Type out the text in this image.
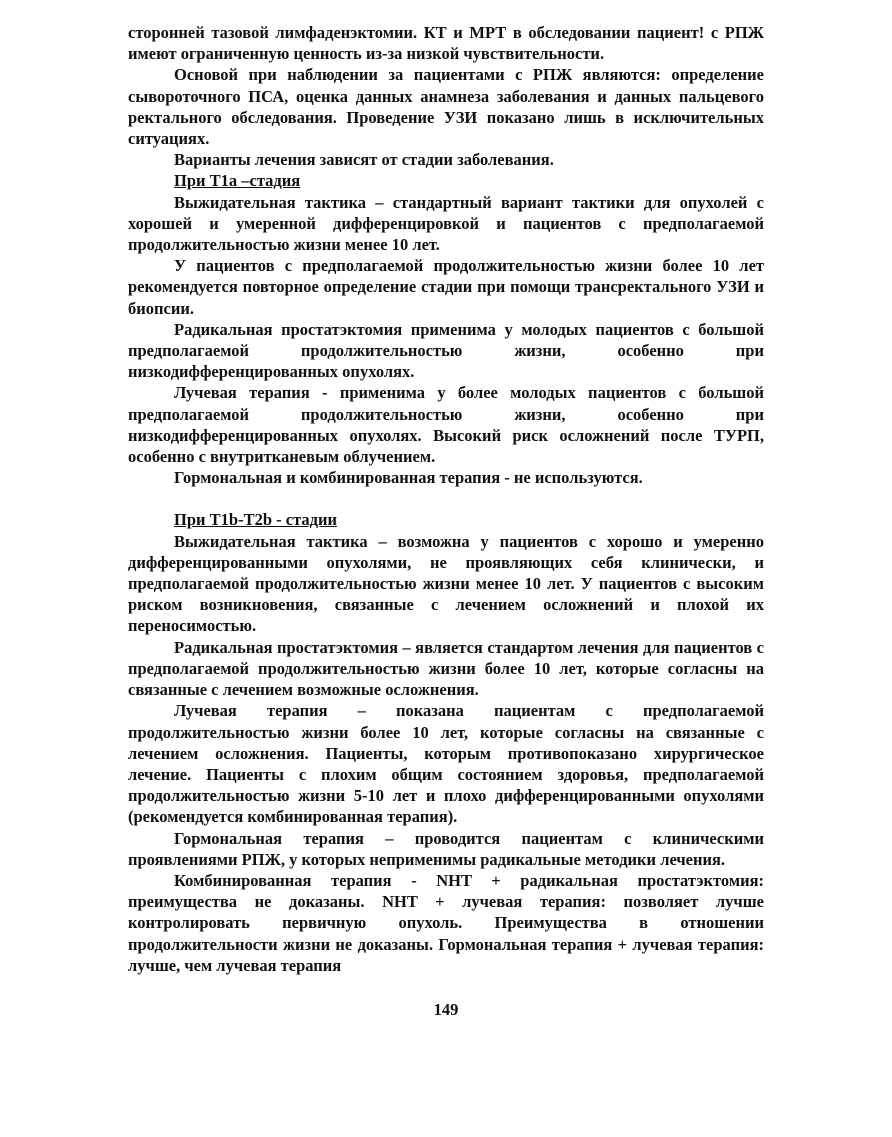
сторонней тазовой лимфаденэктомии. КТ и МРТ в обследовании пациент! с РПЖ имеют ограниченную ценность из-за низкой чувствительности.

Основой при наблюдении за пациентами с РПЖ являются: определение сывороточного ПСА, оценка данных анамнеза заболевания и данных пальцевого ректального обследования. Проведение УЗИ показано лишь в исключительных ситуациях.

Варианты лечения зависят от стадии заболевания.

При T1a –стадия

Выжидательная тактика – стандартный вариант тактики для опухолей с хорошей и умеренной дифференцировкой и пациентов с предполагаемой продолжительностью жизни менее 10 лет.

У пациентов с предполагаемой продолжительностью жизни более 10 лет рекомендуется повторное определение стадии при помощи трансректального УЗИ и биопсии.

Радикальная простатэктомия применима у молодых пациентов с большой предполагаемой продолжительностью жизни, особенно при низкодифференцированных опухолях.

Лучевая терапия - применима у более молодых пациентов с большой предполагаемой продолжительностью жизни, особенно при низкодифференцированных опухолях. Высокий риск осложнений после ТУРП, особенно с внутритканевым облучением.

Гормональная и комбинированная терапия - не используются.

При T1b-T2b - стадии

Выжидательная тактика – возможна у пациентов с хорошо и умеренно дифференцированными опухолями, не проявляющих себя клинически, и предполагаемой продолжительностью жизни менее 10 лет. У пациентов с высоким риском возникновения, связанные с лечением осложнений и плохой их переносимостью.

Радикальная простатэктомия – является стандартом лечения для пациентов с предполагаемой продолжительностью жизни более 10 лет, которые согласны на связанные с лечением возможные осложнения.

Лучевая терапия – показана пациентам с предполагаемой продолжительностью жизни более 10 лет, которые согласны на связанные с лечением осложнения. Пациенты, которым противопоказано хирургическое лечение. Пациенты с плохим общим состоянием здоровья, предполагаемой продолжительностью жизни 5-10 лет и плохо дифференцированными опухолями (рекомендуется комбинированная терапия).

Гормональная терапия – проводится пациентам с клиническими проявлениями РПЖ, у которых неприменимы радикальные методики лечения.

Комбинированная терапия - NHT + радикальная простатэктомия: преимущества не доказаны. NHT + лучевая терапия: позволяет лучше контролировать первичную опухоль. Преимущества в отношении продолжительности жизни не доказаны. Гормональная терапия + лучевая терапия: лучше, чем лучевая терапия

149
